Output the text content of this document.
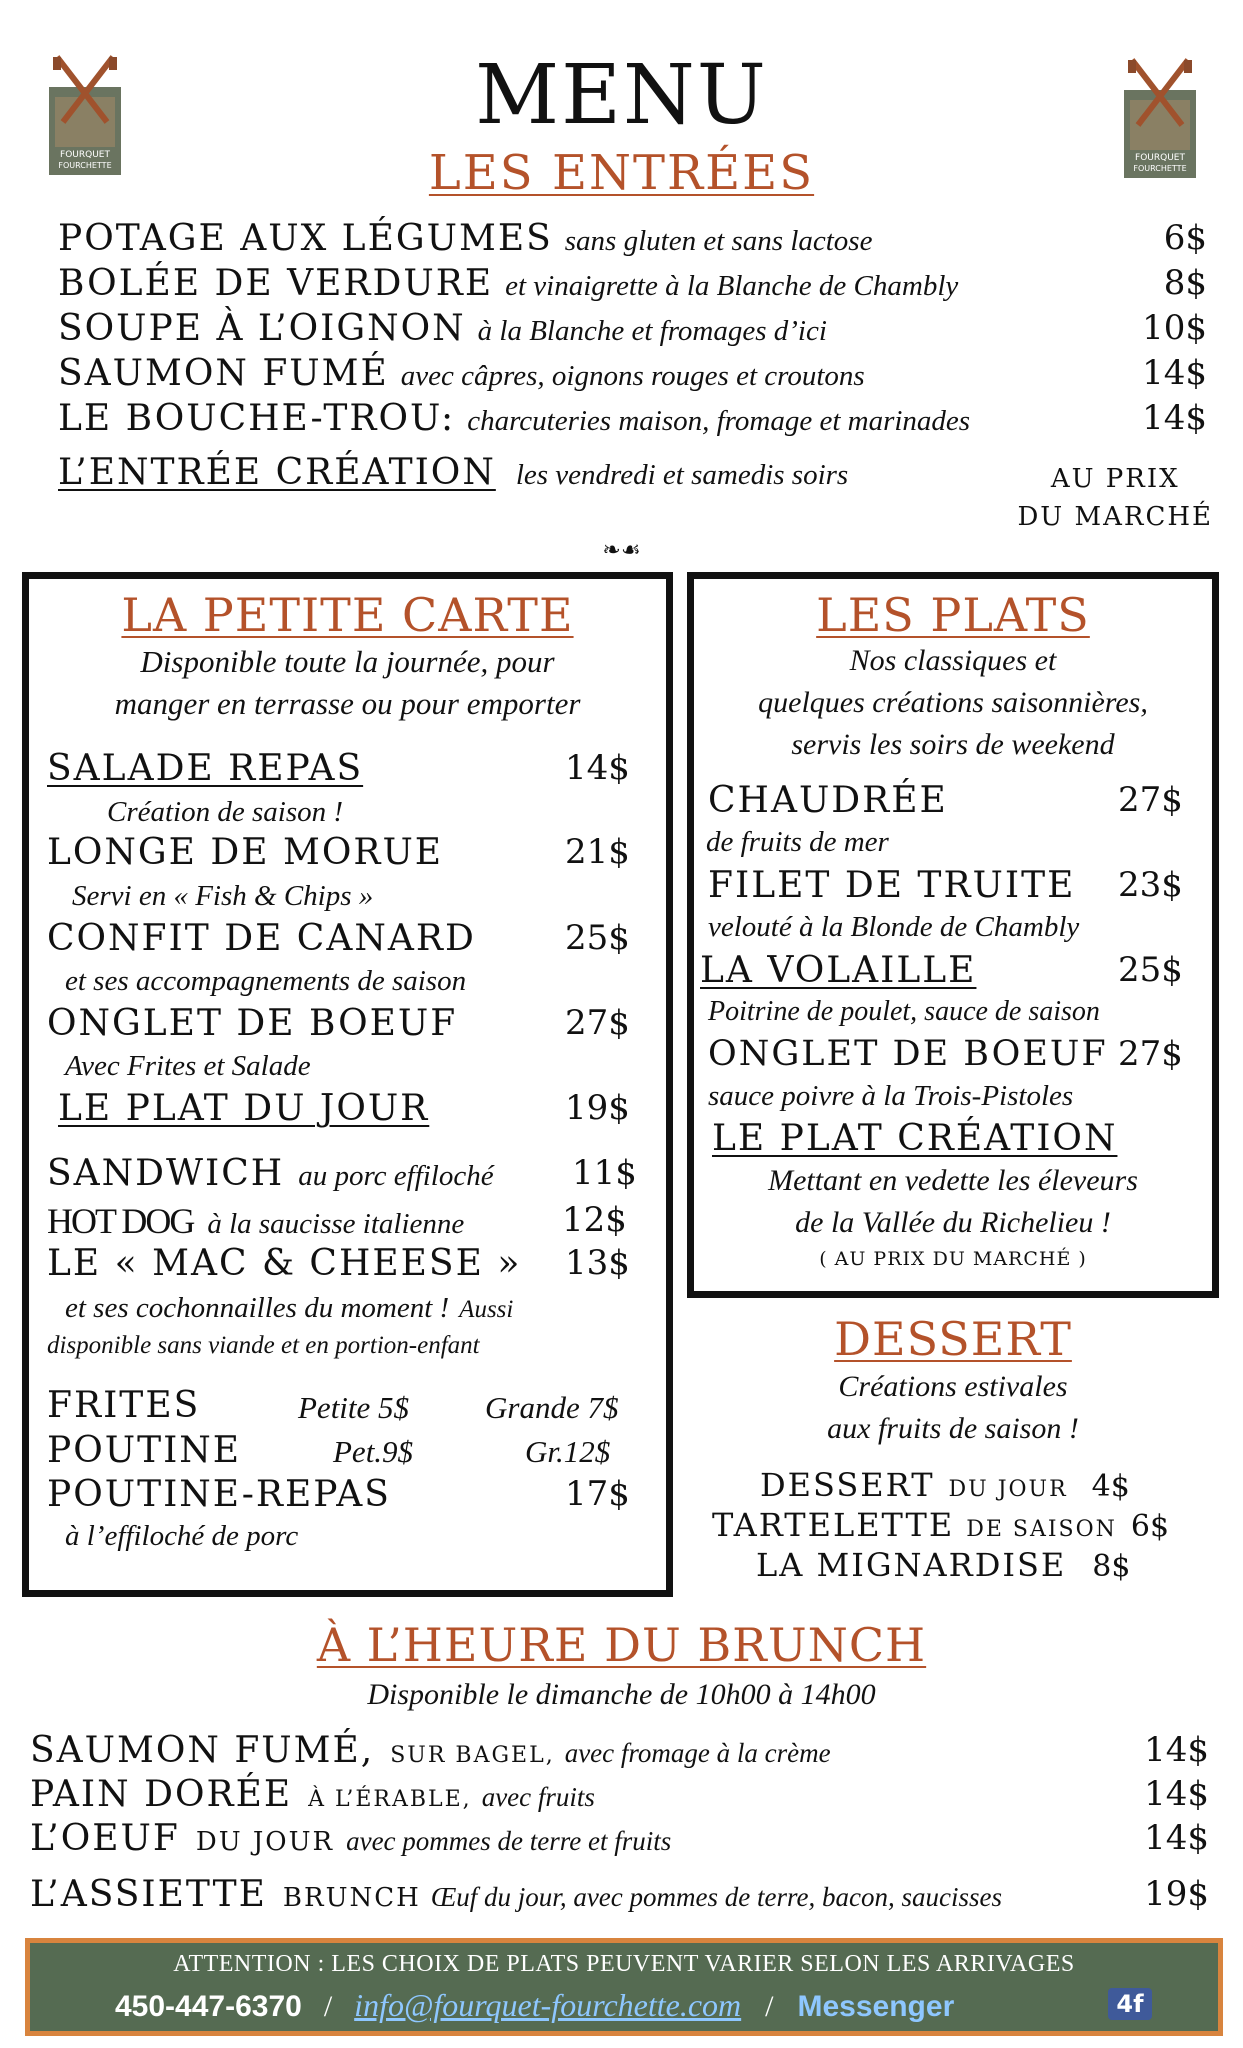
FOURQUET
FOURCHETTE
FOURQUET
FOURCHETTE
MENU
LES ENTRÉES
POTAGE AUX LÉGUMES sans gluten et sans lactose	6$
BOLÉE DE VERDURE et vinaigrette à la Blanche de Chambly	8$
SOUPE À L’OIGNON à la Blanche et fromages d’ici	10$
SAUMON FUMÉ avec câpres, oignons rouges et croutons	14$
LE BOUCHE-TROU: charcuteries maison, fromage et marinades	14$
L’ENTRÉE CRÉATION les vendredi et samedis soirs	AU PRIX
DU MARCHÉ
❧☙
LA PETITE CARTE
Disponible toute la journée, pour
manger en terrasse ou pour emporter
SALADE REPAS	14$
Création de saison !
LONGE DE MORUE	21$
Servi en « Fish & Chips »
CONFIT DE CANARD	25$
et ses accompagnements de saison
ONGLET DE BOEUF	27$
Avec Frites et Salade
LE PLAT DU JOUR	19$
SANDWICH au porc effiloché 11$
HOT DOG à la saucisse italienne	12$
LE « MAC & CHEESE » 13$
et ses cochonnailles du moment ! Aussi
disponible sans viande et en portion-enfant
FRITES	Petite 5$ Grande 7$
POUTINE	Pet.9$	Gr.12$
POUTINE-REPAS	17$
à l’effiloché de porc
LES PLATS
Nos classiques et
quelques créations saisonnières,
servis les soirs de weekend
CHAUDRÉE	27$
de fruits de mer
FILET DE TRUITE 23$
velouté à la Blonde de Chambly
LA VOLAILLE	25$
Poitrine de poulet, sauce de saison
ONGLET DE BOEUF 27$
sauce poivre à la Trois-Pistoles
LE PLAT CRÉATION
Mettant en vedette les éleveurs
de la Vallée du Richelieu !
( AU PRIX DU MARCHÉ )
DESSERT
Créations estivales
aux fruits de saison !
DESSERT DU JOUR 4$
TARTELETTE DE SAISON 6$
LA MIGNARDISE 8$
À L’HEURE DU BRUNCH
Disponible le dimanche de 10h00 à 14h00
SAUMON FUMÉ, SUR BAGEL, avec fromage à la crème	14$
PAIN DORÉE À L’ÉRABLE, avec fruits	14$
L’OEUF DU JOUR avec pommes de terre et fruits	14$
L’ASSIETTE BRUNCH Œuf du jour, avec pommes de terre, bacon, saucisses	19$
ATTENTION : LES CHOIX DE PLATS PEUVENT VARIER SELON LES ARRIVAGES
450-447-6370 / info@fourquet-fourchette.com / Messenger	4f
